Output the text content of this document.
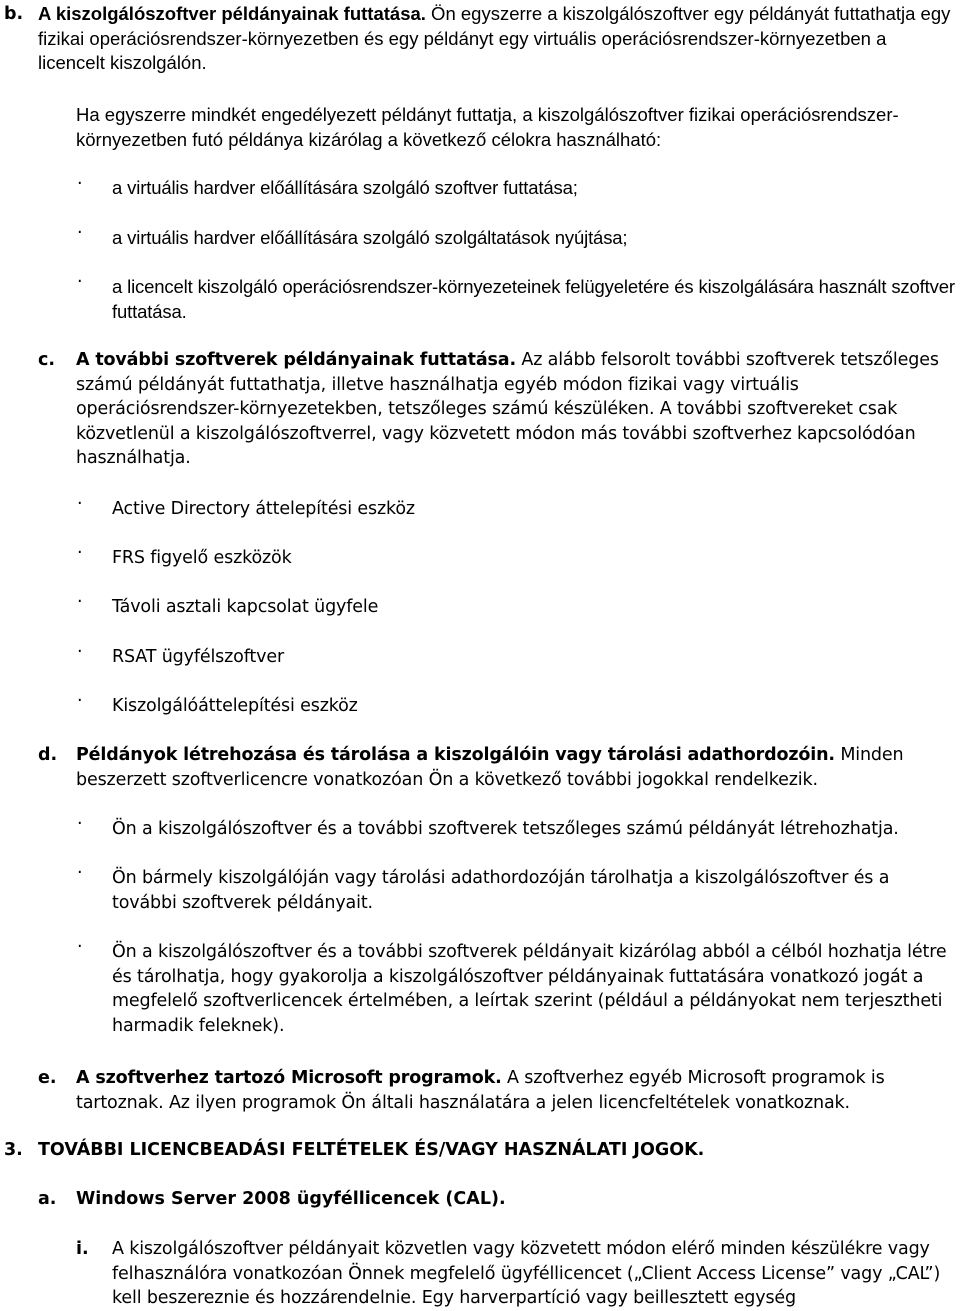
b. A kiszolgálószoftver példányainak futtatása. Ön egyszerre a kiszolgálószoftver egy példányát futtathatja egy fizikai operációsrendszer-környezetben és egy példányt egy virtuális operációsrendszer-környezetben a licencelt kiszolgálón.

Ha egyszerre mindkét engedélyezett példányt futtatja, a kiszolgálószoftver fizikai operációsrendszer-környezetben futó példánya kizárólag a következő célokra használható:

· a virtuális hardver előállítására szolgáló szoftver futtatása;

· a virtuális hardver előállítására szolgáló szolgáltatások nyújtása;

· a licencelt kiszolgáló operációsrendszer-környezeteinek felügyeletére és kiszolgálására használt szoftver futtatása.

c. A további szoftverek példányainak futtatása. Az alább felsorolt további szoftverek tetszőleges számú példányát futtathatja, illetve használhatja egyéb módon fizikai vagy virtuális operációsrendszer-környezetekben, tetszőleges számú készüléken. A további szoftvereket csak közvetlenül a kiszolgálószoftverrel, vagy közvetett módon más további szoftverhez kapcsolódóan használhatja.

· Active Directory áttelepítési eszköz

· FRS figyelő eszközök

· Távoli asztali kapcsolat ügyfele

· RSAT ügyfélszoftver

· Kiszolgálóáttelepítési eszköz

d. Példányok létrehozása és tárolása a kiszolgálóin vagy tárolási adathordozóin. Minden beszerzett szoftverlicencre vonatkozóan Ön a következő további jogokkal rendelkezik.

· Ön a kiszolgálószoftver és a további szoftverek tetszőleges számú példányát létrehozhatja.

· Ön bármely kiszolgálóján vagy tárolási adathordozóján tárolhatja a kiszolgálószoftver és a további szoftverek példányait.

· Ön a kiszolgálószoftver és a további szoftverek példányait kizárólag abból a célból hozhatja létre és tárolhatja, hogy gyakorolja a kiszolgálószoftver példányainak futtatására vonatkozó jogát a megfelelő szoftverlicencek értelmében, a leírtak szerint (például a példányokat nem terjesztheti harmadik feleknek).

e. A szoftverhez tartozó Microsoft programok. A szoftverhez egyéb Microsoft programok is tartoznak. Az ilyen programok Ön általi használatára a jelen licencfeltételek vonatkoznak.

3. TOVÁBBI LICENCBEADÁSI FELTÉTELEK ÉS/VAGY HASZNÁLATI JOGOK.
a. Windows Server 2008 ügyféllicencek (CAL).
i. A kiszolgálószoftver példányait közvetlen vagy közvetett módon elérő minden készülékre vagy felhasználóra vonatkozóan Önnek megfelelő ügyféllicencet („Client Access License” vagy „CAL”) kell beszereznie és hozzárendelnie. Egy harverpartíció vagy beillesztett egység
